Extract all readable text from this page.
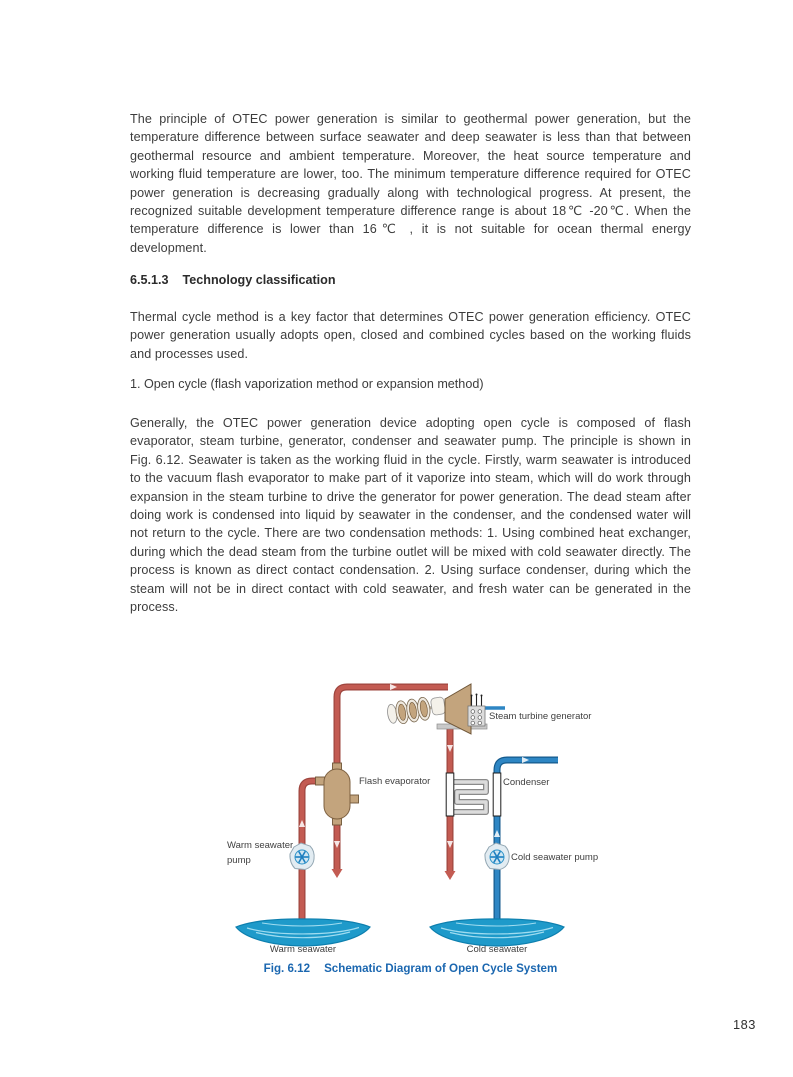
The principle of OTEC power generation is similar to geothermal power generation, but the temperature difference between surface seawater and deep seawater is less than that between geothermal resource and ambient temperature. Moreover, the heat source temperature and working fluid temperature are lower, too. The minimum temperature difference required for OTEC power generation is decreasing gradually along with technological progress. At present, the recognized suitable development temperature difference range is about 18℃ -20℃. When the temperature difference is lower than 16℃ , it is not suitable for ocean thermal energy development.
6.5.1.3 Technology classification
Thermal cycle method is a key factor that determines OTEC power generation efficiency. OTEC power generation usually adopts open, closed and combined cycles based on the working fluids and processes used.
1. Open cycle (flash vaporization method or expansion method)
Generally, the OTEC power generation device adopting open cycle is composed of flash evaporator, steam turbine, generator, condenser and seawater pump. The principle is shown in Fig. 6.12. Seawater is taken as the working fluid in the cycle. Firstly, warm seawater is introduced to the vacuum flash evaporator to make part of it vaporize into steam, which will do work through expansion in the steam turbine to drive the generator for power generation. The dead steam after doing work is condensed into liquid by seawater in the condenser, and the condensed water will not return to the cycle. There are two condensation methods: 1. Using combined heat exchanger, during which the dead steam from the turbine outlet will be mixed with cold seawater directly. The process is known as direct contact condensation. 2. Using surface condenser, during which the steam will not be in direct contact with cold seawater, and fresh water can be generated in the process.
Steam turbine generator
Flash evaporator	Condenser
Warm seawater pump	Cold seawater pump
Warm seawater	Cold seawater
Fig. 6.12 Schematic Diagram of Open Cycle System
183
